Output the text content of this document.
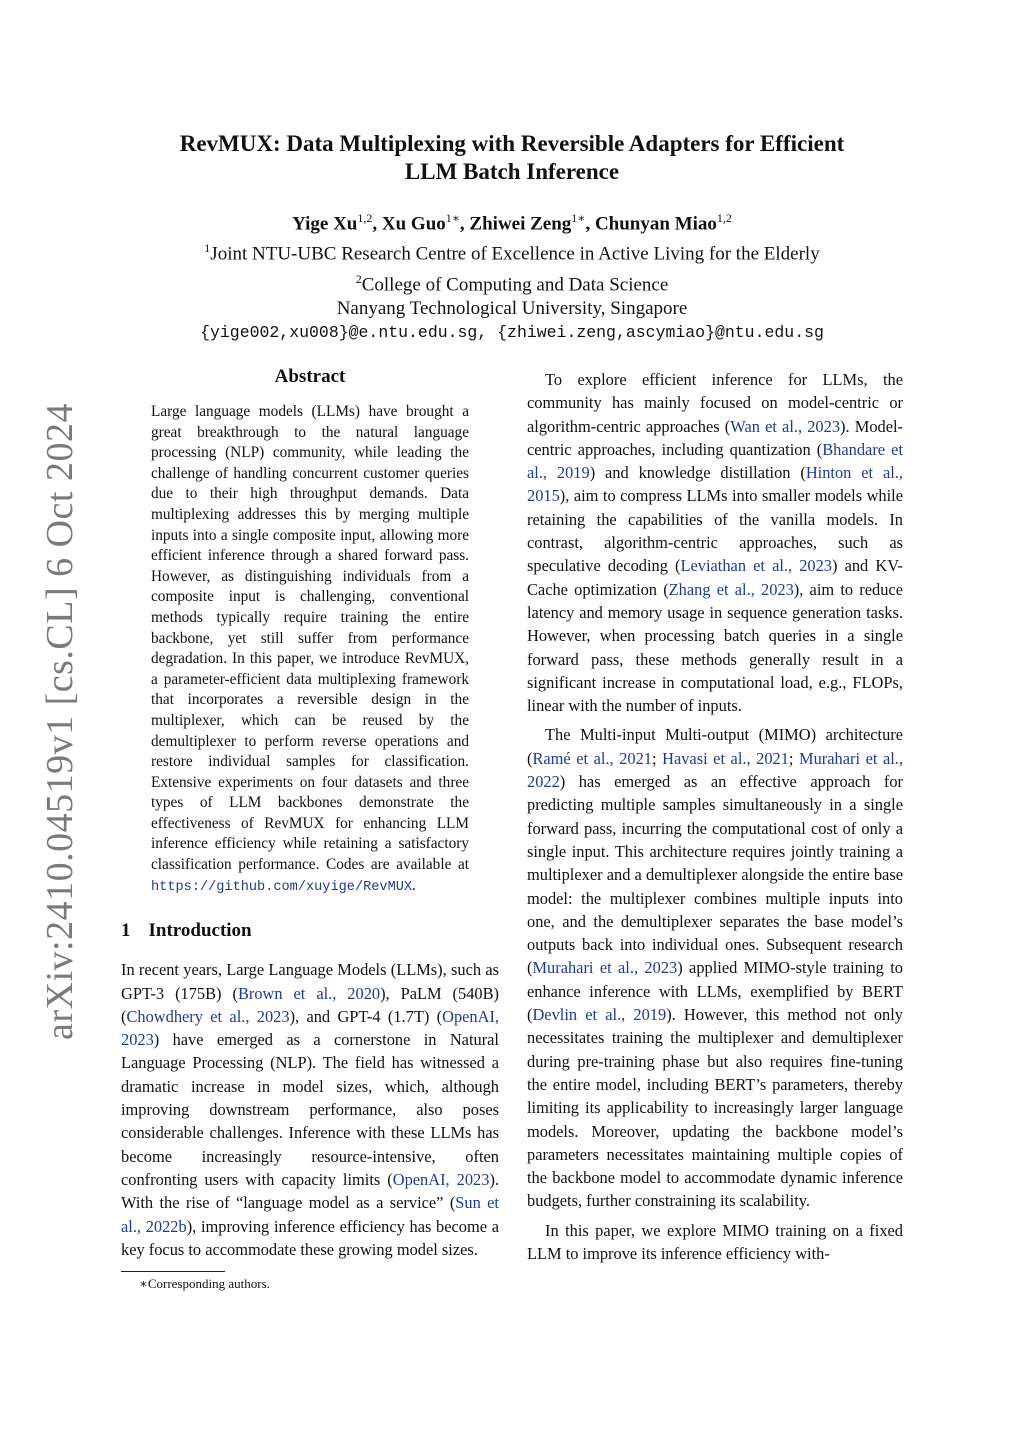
arXiv:2410.04519v1 [cs.CL] 6 Oct 2024
RevMUX: Data Multiplexing with Reversible Adapters for Efficient
LLM Batch Inference
Yige Xu$^{1,2}$, Xu Guo$^{1∗}$, Zhiwei Zeng$^{1∗}$, Chunyan Miao$^{1,2}$
$^1$Joint NTU-UBC Research Centre of Excellence in Active Living for the Elderly
$^2$College of Computing and Data Science
Nanyang Technological University, Singapore
{yige002,xu008}@e.ntu.edu.sg, {zhiwei.zeng,ascymiao}@ntu.edu.sg
Abstract
Large language models (LLMs) have brought a great breakthrough to the natural language processing (NLP) community, while leading the challenge of handling concurrent customer queries due to their high throughput demands. Data multiplexing addresses this by merging multiple inputs into a single composite input, allowing more efficient inference through a shared forward pass. However, as distinguishing individuals from a composite input is challenging, conventional methods typically require training the entire backbone, yet still suffer from performance degradation. In this paper, we introduce RevMUX, a parameter-efficient data multiplexing framework that incorporates a reversible design in the multiplexer, which can be reused by the demultiplexer to perform reverse operations and restore individual samples for classification. Extensive experiments on four datasets and three types of LLM backbones demonstrate the effectiveness of RevMUX for enhancing LLM inference efficiency while retaining a satisfactory classification performance. Codes are available at https://github.com/xuyige/RevMUX.
1 Introduction

In recent years, Large Language Models (LLMs), such as GPT-3 (175B) (Brown et al., 2020), PaLM (540B) (Chowdhery et al., 2023), and GPT-4 (1.7T) (OpenAI, 2023) have emerged as a cornerstone in Natural Language Processing (NLP). The field has witnessed a dramatic increase in model sizes, which, although improving downstream performance, also poses considerable challenges. Inference with these LLMs has become increasingly resource-intensive, often confronting users with capacity limits (OpenAI, 2023). With the rise of “language model as a service” (Sun et al., 2022b), improving inference efficiency has become a key focus to accommodate these growing model sizes.

∗Corresponding authors.

To explore efficient inference for LLMs, the community has mainly focused on model-centric or algorithm-centric approaches (Wan et al., 2023). Model-centric approaches, including quantization (Bhandare et al., 2019) and knowledge distillation (Hinton et al., 2015), aim to compress LLMs into smaller models while retaining the capabilities of the vanilla models. In contrast, algorithm-centric approaches, such as speculative decoding (Leviathan et al., 2023) and KV-Cache optimization (Zhang et al., 2023), aim to reduce latency and memory usage in sequence generation tasks. However, when processing batch queries in a single forward pass, these methods generally result in a significant increase in computational load, e.g., FLOPs, linear with the number of inputs.

The Multi-input Multi-output (MIMO) architecture (Ramé et al., 2021; Havasi et al., 2021; Murahari et al., 2022) has emerged as an effective approach for predicting multiple samples simultaneously in a single forward pass, incurring the computational cost of only a single input. This architecture requires jointly training a multiplexer and a demultiplexer alongside the entire base model: the multiplexer combines multiple inputs into one, and the demultiplexer separates the base model’s outputs back into individual ones. Subsequent research (Murahari et al., 2023) applied MIMO-style training to enhance inference with LLMs, exemplified by BERT (Devlin et al., 2019). However, this method not only necessitates training the multiplexer and demultiplexer during pre-training phase but also requires fine-tuning the entire model, including BERT’s parameters, thereby limiting its applicability to increasingly larger language models. Moreover, updating the backbone model’s parameters necessitates maintaining multiple copies of the backbone model to accommodate dynamic inference budgets, further constraining its scalability.

In this paper, we explore MIMO training on a fixed LLM to improve its inference efficiency with-
